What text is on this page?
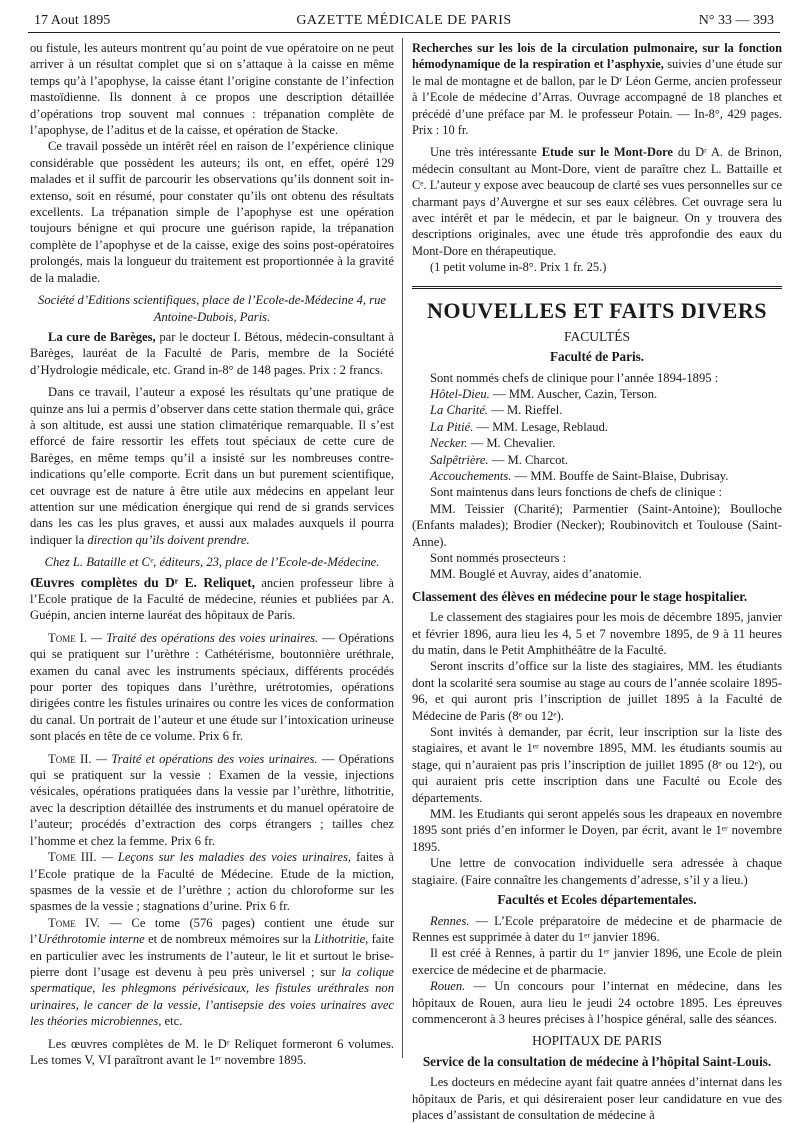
17 Aout 1895	GAZETTE MÉDICALE DE PARIS	N° 33 — 393

ou fistule, les auteurs montrent qu’au point de vue opératoire on ne peut arriver à un résultat complet que si on s’attaque à la caisse en même temps qu’à l’apophyse, la caisse étant l’origine constante de l’infection mastoïdienne. Ils donnent à ce propos une description détaillée d’opérations trop souvent mal connues : trépanation complète de l’apophyse, de l’aditus et de la caisse, et opération de Stacke.

Ce travail possède un intérêt réel en raison de l’expérience clinique considérable que possèdent les auteurs; ils ont, en effet, opéré 129 malades et il suffit de parcourir les observations qu’ils donnent soit in-extenso, soit en résumé, pour constater qu’ils ont obtenu des résultats excellents. La trépanation simple de l’apophyse est une opération toujours bénigne et qui procure une guérison rapide, la trépanation complète de l’apophyse et de la caisse, exige des soins post-opératoires prolongés, mais la longueur du traitement est proportionnée à la gravité de la maladie.

Société d’Editions scientifiques, place de l’Ecole-de-Médecine 4, rue Antoine-Dubois, Paris.

La cure de Barèges, par le docteur I. Bétous, médecin-consultant à Barèges, lauréat de la Faculté de Paris, membre de la Société d’Hydrologie médicale, etc. Grand in-8° de 148 pages. Prix : 2 francs.

Dans ce travail, l’auteur a exposé les résultats qu’une pratique de quinze ans lui a permis d’observer dans cette station thermale qui, grâce à son altitude, est aussi une station climatérique remarquable. Il s’est efforcé de faire ressortir les effets tout spéciaux de cette cure de Barèges, en même temps qu’il a insisté sur les nombreuses contre-indications qu’elle comporte. Ecrit dans un but purement scientifique, cet ouvrage est de nature à être utile aux médecins en appelant leur attention sur une médication énergique qui rend de si grands services dans les cas les plus graves, et aussi aux malades auxquels il pourra indiquer la direction qu’ils doivent prendre.

Chez L. Bataille et Cᵉ, éditeurs, 23, place de l’Ecole-de-Médecine.

Œuvres complètes du Dʳ E. Reliquet, ancien professeur libre à l’Ecole pratique de la Faculté de médecine, réunies et publiées par A. Guépin, ancien interne lauréat des hôpitaux de Paris.

Tome I. — Traité des opérations des voies urinaires. — Opérations qui se pratiquent sur l’urèthre : Cathétérisme, boutonnière uréthrale, examen du canal avec les instruments spéciaux, différents procédés pour porter des topiques dans l’urèthre, urétrotomies, opérations dirigées contre les fistules urinaires ou contre les vices de conformation du canal. Un portrait de l’auteur et une étude sur l’intoxication urineuse sont placés en tête de ce volume. Prix 6 fr.

Tome II. — Traité et opérations des voies urinaires. — Opérations qui se pratiquent sur la vessie : Examen de la vessie, injections vésicales, opérations pratiquées dans la vessie par l’urèthre, lithotritie, avec la description détaillée des instruments et du manuel opératoire de l’auteur; procédés d’extraction des corps étrangers ; tailles chez l’homme et chez la femme. Prix 6 fr.

Tome III. — Leçons sur les maladies des voies urinaires, faites à l’Ecole pratique de la Faculté de Médecine. Etude de la miction, spasmes de la vessie et de l’urèthre ; action du chloroforme sur les spasmes de la vessie ; stagnations d’urine. Prix 6 fr.

Tome IV. — Ce tome (576 pages) contient une étude sur l’Uréthrotomie interne et de nombreux mémoires sur la Lithotritie, faite en particulier avec les instruments de l’auteur, le lit et surtout le brise-pierre dont l’usage est devenu à peu près universel ; sur la colique spermatique, les phlegmons périvésicaux, les fistules uréthrales non urinaires, le cancer de la vessie, l’antisepsie des voies urinaires avec les théories microbiennes, etc.

Les œuvres complètes de M. le Dʳ Reliquet formeront 6 volumes. Les tomes V, VI paraîtront avant le 1ᵉʳ novembre 1895.

Recherches sur les lois de la circulation pulmonaire, sur la fonction hémodynamique de la respiration et l’asphyxie, suivies d’une étude sur le mal de montagne et de ballon, par le Dʳ Léon Germe, ancien professeur à l’Ecole de médecine d’Arras. Ouvrage accompagné de 18 planches et précédé d’une préface par M. le professeur Potain. — In-8°, 429 pages. Prix : 10 fr.

Une très intéressante Etude sur le Mont-Dore du Dʳ A. de Brinon, médecin consultant au Mont-Dore, vient de paraître chez L. Battaille et Cᵉ. L’auteur y expose avec beaucoup de clarté ses vues personnelles sur ce charmant pays d’Auvergne et sur ses eaux célèbres. Cet ouvrage sera lu avec intérêt et par le médecin, et par le baigneur. On y trouvera des descriptions originales, avec une étude très approfondie des eaux du Mont-Dore en thérapeutique.

(1 petit volume in-8°. Prix 1 fr. 25.)

NOUVELLES ET FAITS DIVERS
FACULTÉS
Faculté de Paris.

Sont nommés chefs de clinique pour l’année 1894-1895 :

Hôtel-Dieu. — MM. Auscher, Cazin, Terson.

La Charité. — M. Rieffel.

La Pitié. — MM. Lesage, Reblaud.

Necker. — M. Chevalier.

Salpêtrière. — M. Charcot.

Accouchements. — MM. Bouffe de Saint-Blaise, Dubrisay.

Sont maintenus dans leurs fonctions de chefs de clinique :

MM. Teissier (Charité); Parmentier (Saint-Antoine); Boulloche (Enfants malades); Brodier (Necker); Roubinovitch et Toulouse (Saint-Anne).

Sont nommés prosecteurs :

MM. Bouglé et Auvray, aides d’anatomie.

Classement des élèves en médecine pour le stage hospitalier.

Le classement des stagiaires pour les mois de décembre 1895, janvier et février 1896, aura lieu les 4, 5 et 7 novembre 1895, de 9 à 11 heures du matin, dans le Petit Amphithéâtre de la Faculté.

Seront inscrits d’office sur la liste des stagiaires, MM. les étudiants dont la scolarité sera soumise au stage au cours de l’année scolaire 1895-96, et qui auront pris l’inscription de juillet 1895 à la Faculté de Médecine de Paris (8ᵉ ou 12ᵉ).

Sont invités à demander, par écrit, leur inscription sur la liste des stagiaires, et avant le 1ᵉʳ novembre 1895, MM. les étudiants soumis au stage, qui n’auraient pas pris l’inscription de juillet 1895 (8ᵉ ou 12ᵉ), ou qui auraient pris cette inscription dans une Faculté ou Ecole des départements.

MM. les Etudiants qui seront appelés sous les drapeaux en novembre 1895 sont priés d’en informer le Doyen, par écrit, avant le 1ᵉʳ novembre 1895.

Une lettre de convocation individuelle sera adressée à chaque stagiaire. (Faire connaître les changements d’adresse, s’il y a lieu.)

Facultés et Ecoles départementales.

Rennes. — L’Ecole préparatoire de médecine et de pharmacie de Rennes est supprimée à dater du 1ᵉʳ janvier 1896.

Il est créé à Rennes, à partir du 1ᵉʳ janvier 1896, une Ecole de plein exercice de médecine et de pharmacie.

Rouen. — Un concours pour l’internat en médecine, dans les hôpitaux de Rouen, aura lieu le jeudi 24 octobre 1895. Les épreuves commenceront à 3 heures précises à l’hospice général, salle des séances.

HOPITAUX DE PARIS
Service de la consultation de médecine à l’hôpital Saint-Louis.

Les docteurs en médecine ayant fait quatre années d’internat dans les hôpitaux de Paris, et qui désireraient poser leur candidature en vue des places d’assistant de consultation de médecine à
